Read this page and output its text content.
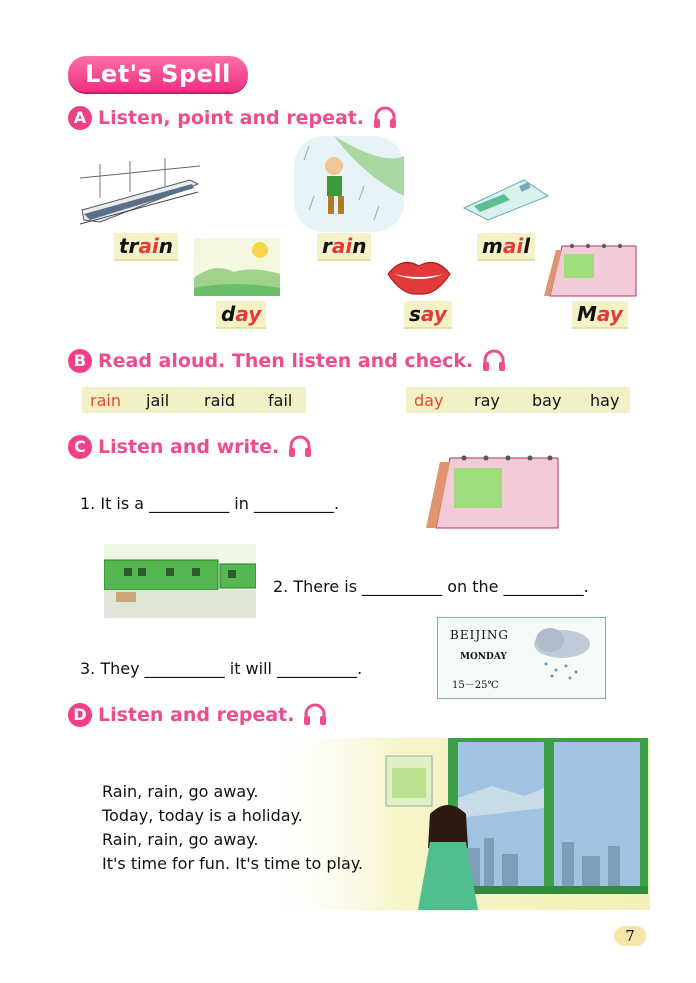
Let's Spell
A Listen, point and repeat.
train	rain	mail
day	say	May
B Read aloud. Then listen and check.
rain jail raid fail	day ray bay hay
C Listen and write.
1. It is a __________ in __________.
2. There is __________ on the __________.
3. They __________ it will __________.
BEIJING
MONDAY
15－25℃
D Listen and repeat.
Rain, rain, go away.
Today, today is a holiday.
Rain, rain, go away.
It's time for fun. It's time to play.
7
